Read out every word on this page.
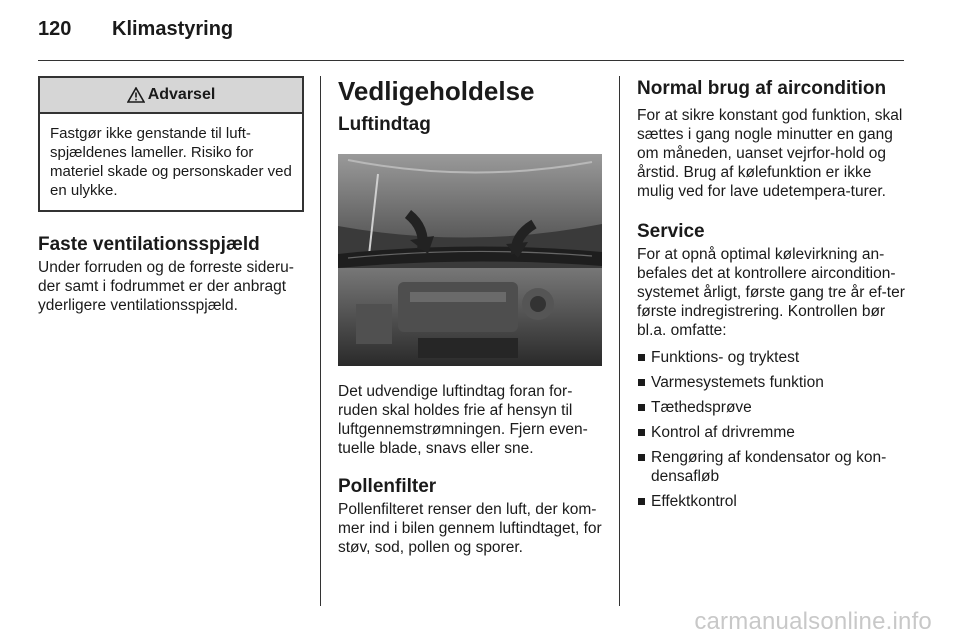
120 Klimastyring
Advarsel
Fastgør ikke genstande til luft-spjældenes lameller. Risiko for materiel skade og personskader ved en ulykke.
Faste ventilationsspjæld

Under forruden og de forreste sideru-der samt i fodrummet er der anbragt yderligere ventilationsspjæld.

Vedligeholdelse
Luftindtag

Det udvendige luftindtag foran for-ruden skal holdes frie af hensyn til luftgennemstrømningen. Fjern even-tuelle blade, snavs eller sne.

Pollenfilter

Pollenfilteret renser den luft, der kom-mer ind i bilen gennem luftindtaget, for støv, sod, pollen og sporer.

Normal brug af aircondition

For at sikre konstant god funktion, skal sættes i gang nogle minutter en gang om måneden, uanset vejrfor-hold og årstid. Brug af kølefunktion er ikke mulig ved for lave udetempera-turer.

Service

For at opnå optimal kølevirkning an-befales det at kontrollere aircondition-systemet årligt, første gang tre år ef-ter første indregistrering. Kontrollen bør bl.a. omfatte:

Funktions- og tryktest
Varmesystemets funktion
Tæthedsprøve
Kontrol af drivremme
Rengøring af kondensator og kon-densafløb
Effektkontrol
carmanualsonline.info
